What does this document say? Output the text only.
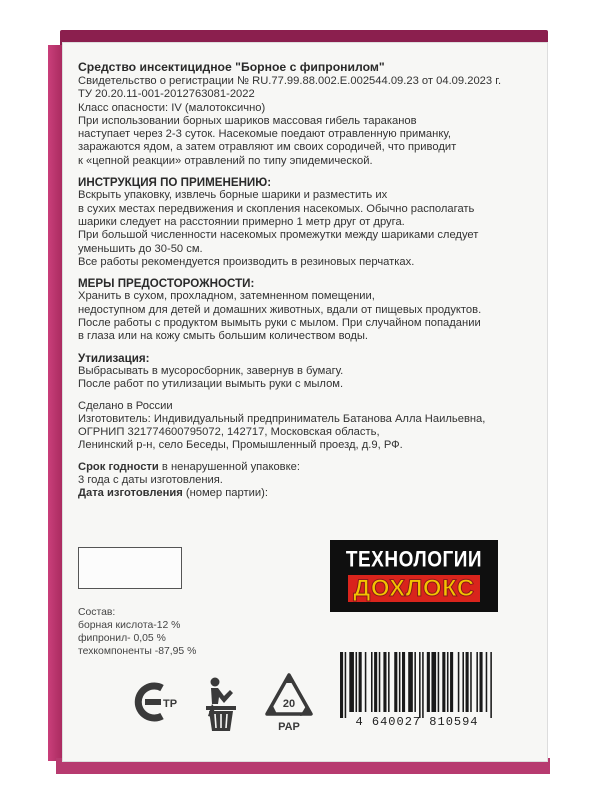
Средство инсектицидное "Борное с фипронилом"
Свидетельство о регистрации № RU.77.99.88.002.E.002544.09.23 от 04.09.2023 г.
ТУ 20.20.11-001-2012763081-2022
Класс опасности: IV (малотоксично)
При использовании борных шариков массовая гибель тараканов
наступает через 2-3 суток. Насекомые поедают отравленную приманку,
заражаются ядом, а затем отравляют им своих сородичей, что приводит
к «цепной реакции» отравлений по типу эпидемической.
ИНСТРУКЦИЯ ПО ПРИМЕНЕНИЮ:
Вскрыть упаковку, извлечь борные шарики и разместить их
в сухих местах передвижения и скопления насекомых. Обычно располагать
шарики следует на расстоянии примерно 1 метр друг от друга.
При большой численности насекомых промежутки между шариками следует
уменьшить до 30-50 см.
Все работы рекомендуется производить в резиновых перчатках.
МЕРЫ ПРЕДОСТОРОЖНОСТИ:
Хранить в сухом, прохладном, затемненном помещении,
недоступном для детей и домашних животных, вдали от пищевых продуктов.
После работы с продуктом вымыть руки с мылом. При случайном попадании
в глаза или на кожу смыть большим количеством воды.
Утилизация:
Выбрасывать в мусоросборник, завернув в бумагу.
После работ по утилизации вымыть руки с мылом.
Сделано в России
Изготовитель: Индивидуальный предприниматель Батанова Алла Наильевна,
ОГРНИП 321774600795072, 142717, Московская область,
Ленинский р-н, село Беседы, Промышленный проезд, д.9, РФ.
Срок годности в ненарушенной упаковке:
3 года с даты изготовления.
Дата изготовления (номер партии):
ТЕХНОЛОГИИ
ДОХЛОКС
Состав:
борная кислота-12 %
фипронил- 0,05 %
техкомпоненты -87,95 %
TP	20
PAP	4 640027 810594
